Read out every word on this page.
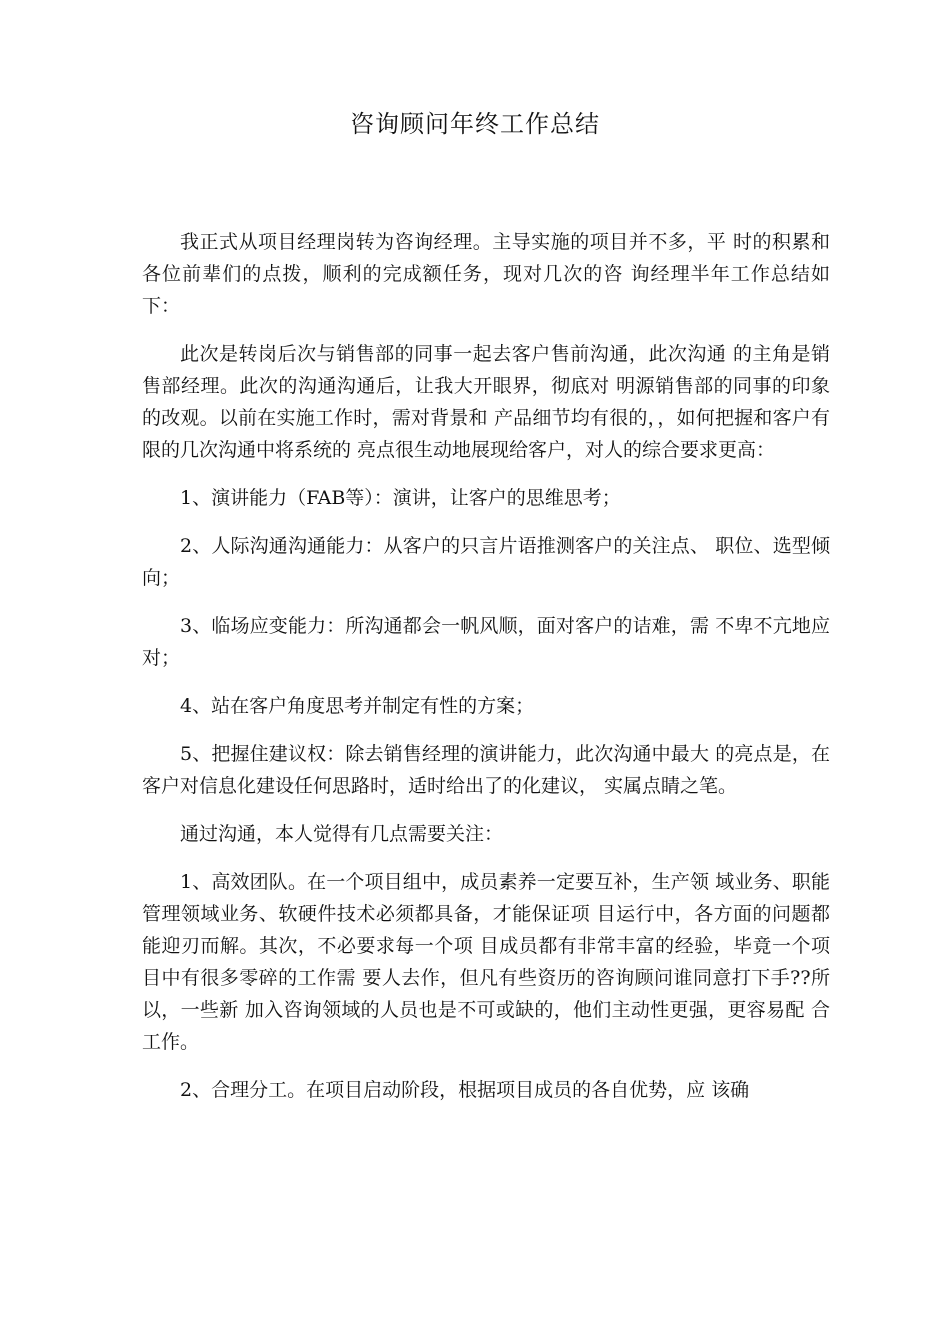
咨询顾问年终工作总结

我正式从项目经理岗转为咨询经理。主导实施的项目并不多，平 时的积累和各位前辈们的点拨，顺利的完成额任务，现对几次的咨 询经理半年工作总结如下：

此次是转岗后次与销售部的同事一起去客户售前沟通，此次沟通 的主角是销售部经理。此次的沟通沟通后，让我大开眼界，彻底对 明源销售部的同事的印象的改观。以前在实施工作时，需对背景和 产品细节均有很的，，如何把握和客户有限的几次沟通中将系统的 亮点很生动地展现给客户，对人的综合要求更高：

1、演讲能力（FAB等）：演讲，让客户的思维思考；

2、人际沟通沟通能力：从客户的只言片语推测客户的关注点、 职位、选型倾向；

3、临场应变能力：所沟通都会一帆风顺，面对客户的诘难，需 不卑不亢地应对；

4、站在客户角度思考并制定有性的方案；

5、把握住建议权：除去销售经理的演讲能力，此次沟通中最大 的亮点是，在客户对信息化建设任何思路时，适时给出了的化建议， 实属点睛之笔。

通过沟通，本人觉得有几点需要关注：

1、高效团队。在一个项目组中，成员素养一定要互补，生产领 域业务、职能管理领域业务、软硬件技术必须都具备，才能保证项 目运行中，各方面的问题都能迎刃而解。其次，不必要求每一个项 目成员都有非常丰富的经验，毕竟一个项目中有很多零碎的工作需 要人去作，但凡有些资历的咨询顾问谁同意打下手??所以，一些新 加入咨询领域的人员也是不可或缺的，他们主动性更强，更容易配 合工作。

2、合理分工。在项目启动阶段，根据项目成员的各自优势，应 该确
